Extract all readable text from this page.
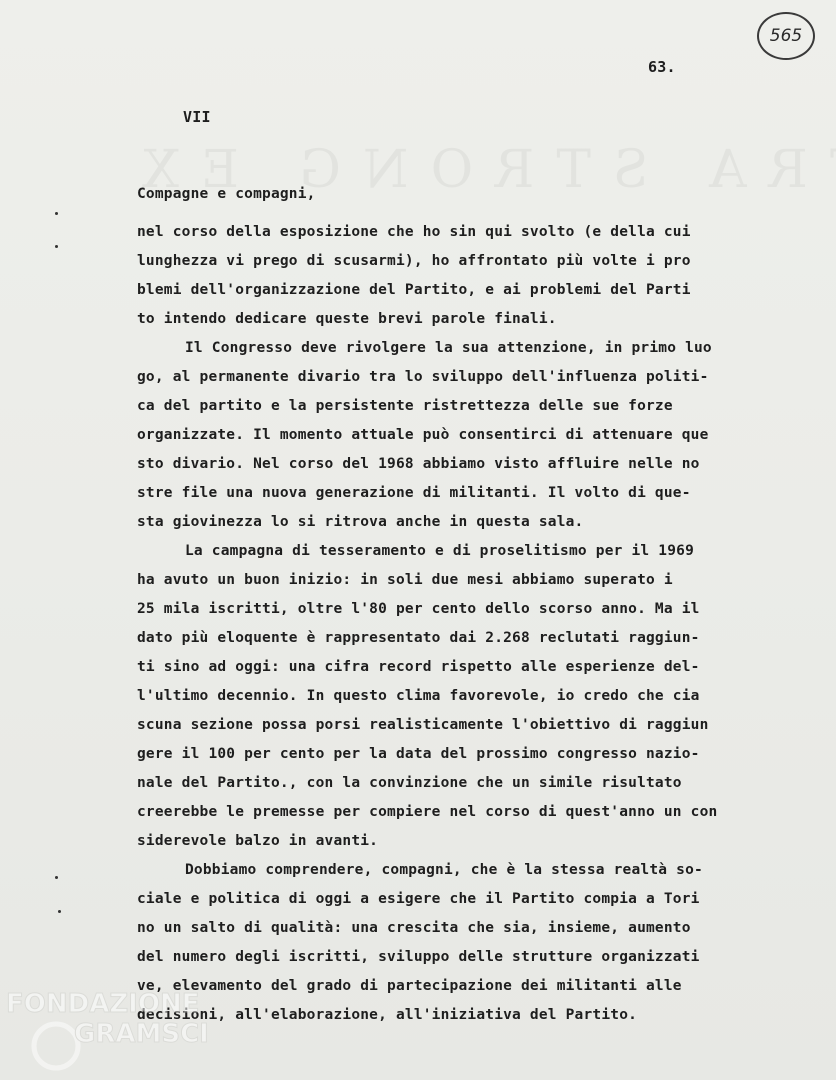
565
63.
VII
Compagne e compagni,
nel corso della esposizione che ho sin qui svolto (e della cui
lunghezza vi prego di scusarmi), ho affrontato più volte i pro
blemi dell'organizzazione del Partito, e ai problemi del Parti
to intendo dedicare queste brevi parole finali.
Il Congresso deve rivolgere la sua attenzione, in primo luo
go, al permanente divario tra lo sviluppo dell'influenza politi-
ca del partito e la persistente ristrettezza delle sue forze
organizzate. Il momento attuale può consentirci di attenuare que
sto divario. Nel corso del 1968 abbiamo visto affluire nelle no
stre file una nuova generazione di militanti. Il volto di que-
sta giovinezza lo si ritrova anche in questa sala.
La campagna di tesseramento e di proselitismo per il 1969
ha avuto un buon inizio: in soli due mesi abbiamo superato i
25 mila iscritti, oltre l'80 per cento dello scorso anno. Ma il
dato più eloquente è rappresentato dai 2.268 reclutati raggiun-
ti sino ad oggi: una cifra record rispetto alle esperienze del-
l'ultimo decennio. In questo clima favorevole, io credo che cia
scuna sezione possa porsi realisticamente l'obiettivo di raggiun
gere il 100 per cento per la data del prossimo congresso nazio-
nale del Partito., con la convinzione che un simile risultato
creerebbe le premesse per compiere nel corso di quest'anno un con
siderevole balzo in avanti.
Dobbiamo comprendere, compagni, che è la stessa realtà so-
ciale e politica di oggi a esigere che il Partito compia a Tori
no un salto di qualità: una crescita che sia, insieme, aumento
del numero degli iscritti, sviluppo delle strutture organizzati
ve, elevamento del grado di partecipazione dei militanti alle
decisioni, all'elaborazione, all'iniziativa del Partito.
FONDAZIONE
GRAMSCI
